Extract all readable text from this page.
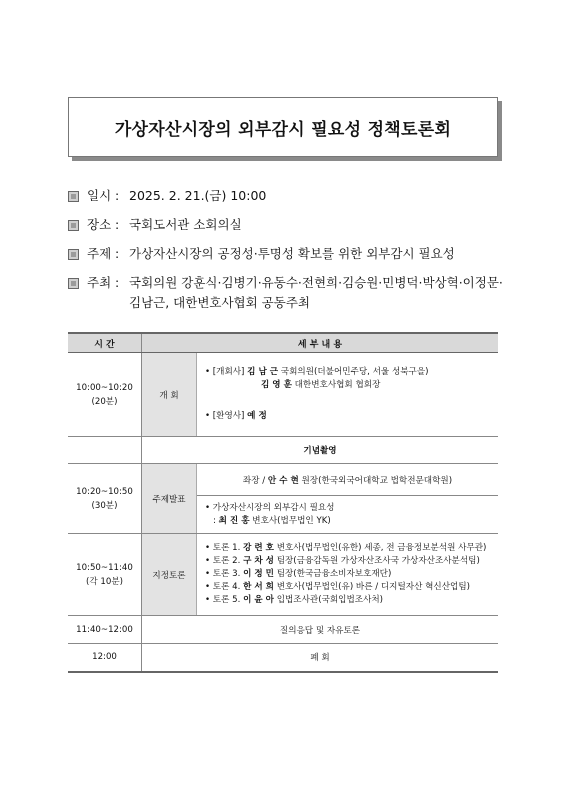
가상자산시장의 외부감시 필요성 정책토론회
일시 : 2025. 2. 21.(금) 10:00
장소 : 국회도서관 소회의실
주제 : 가상자산시장의 공정성·투명성 확보를 위한 외부감시 필요성
주최 : 국회의원 강훈식·김병기·유동수·전현희·김승원·민병덕·박상혁·이정문·
김남근, 대한변호사협회 공동주최
시 간	세 부 내 용	

10:00~10:20
(20분)	개 회	• [개회사] 김 남 근 국회의원(더불어민주당, 서울 성북구을)
김 영 훈 대한변호사협회 협회장
• [환영사] 예 정

	기념촬영	

10:20~10:50
(30분)	주제발표	좌장 / 안 수 현 원장(한국외국어대학교 법학전문대학원)

		• 가상자산시장의 외부감시 필요성
: 최 진 홍 변호사(법무법인 YK)

10:50~11:40
(각 10분)	지정토론	• 토론 1. 강 련 호 변호사(법무법인(유한) 세종, 전 금융정보분석원 사무관)
• 토론 2. 구 차 성 팀장(금융감독원 가상자산조사국 가상자산조사분석팀)
• 토론 3. 이 정 민 팀장(한국금융소비자보호재단)
• 토론 4. 한 서 희 변호사(법무법인(유) 바른 / 디지털자산 혁신산업팀)
• 토론 5. 이 윤 아 입법조사관(국회입법조사처)

11:40~12:00	질의응답 및 자유토론	
12:00	폐 회	
